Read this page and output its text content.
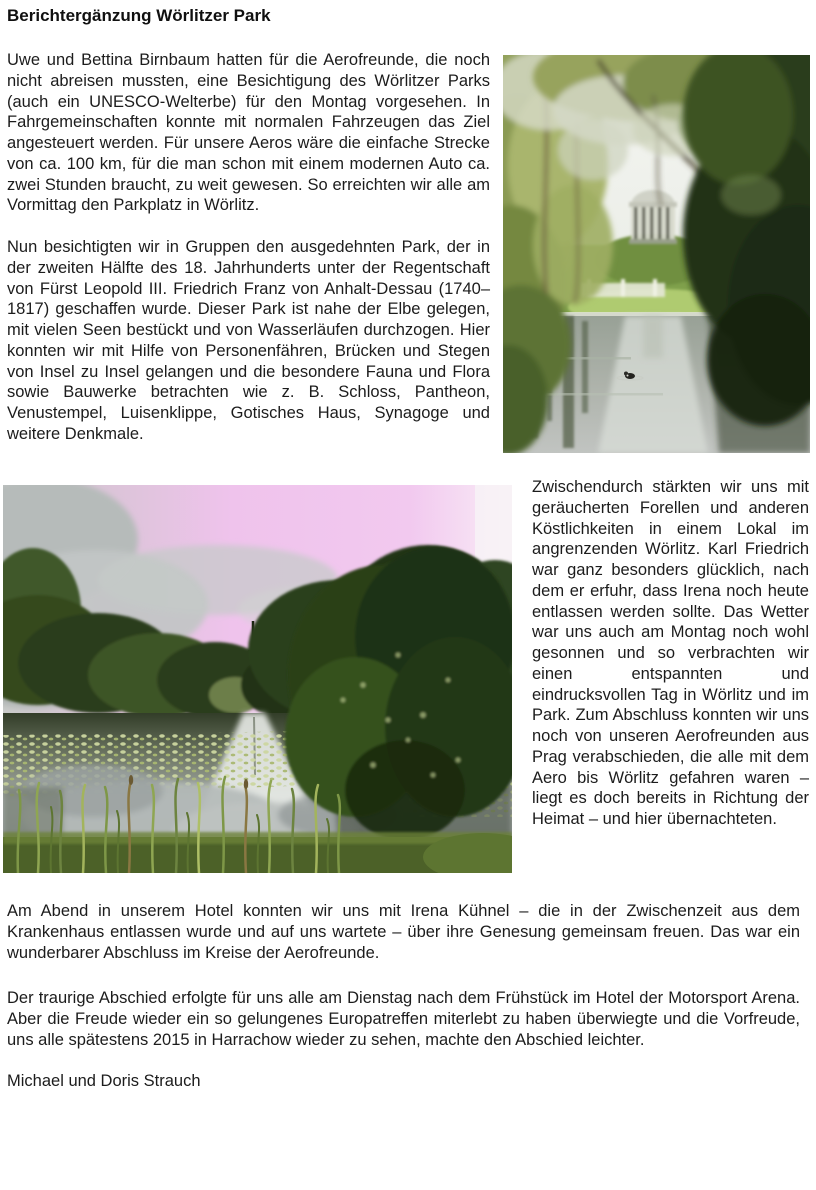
Berichtergänzung Wörlitzer Park

Uwe und Bettina Birnbaum hatten für die Aerofreunde, die noch nicht abreisen mussten, eine Besichtigung des Wörlitzer Parks (auch ein UNESCO-Welterbe) für den Montag vorgesehen. In Fahrgemeinschaften konnte mit normalen Fahrzeugen das Ziel angesteuert werden. Für unsere Aeros wäre die einfache Strecke von ca. 100 km, für die man schon mit einem modernen Auto ca. zwei Stunden braucht, zu weit gewesen. So erreichten wir alle am Vormittag den Parkplatz in Wörlitz.

Nun besichtigten wir in Gruppen den ausgedehnten Park, der in der zweiten Hälfte des 18. Jahrhunderts unter der Regentschaft von Fürst Leopold III. Friedrich Franz von Anhalt-Dessau (1740–1817) geschaffen wurde. Dieser Park ist nahe der Elbe gelegen, mit vielen Seen bestückt und von Wasserläufen durchzogen. Hier konnten wir mit Hilfe von Personenfähren, Brücken und Stegen von Insel zu Insel gelangen und die besondere Fauna und Flora sowie Bauwerke betrachten wie z. B. Schloss, Pantheon, Venustempel, Luisenklippe, Gotisches Haus, Synagoge und weitere Denkmale.

Zwischendurch stärkten wir uns mit geräucherten Forellen und anderen Köstlichkeiten in einem Lokal im angrenzenden Wörlitz. Karl Friedrich war ganz besonders glücklich, nach dem er erfuhr, dass Irena noch heute entlassen werden sollte. Das Wetter war uns auch am Montag noch wohl gesonnen und so verbrachten wir einen entspannten und eindrucksvollen Tag in Wörlitz und im Park. Zum Abschluss konnten wir uns noch von unseren Aerofreunden aus Prag verabschieden, die alle mit dem Aero bis Wörlitz gefahren waren – liegt es doch bereits in Richtung der Heimat – und hier übernachteten.

Am Abend in unserem Hotel konnten wir uns mit Irena Kühnel – die in der Zwischenzeit aus dem Krankenhaus entlassen wurde und auf uns wartete – über ihre Genesung gemeinsam freuen. Das war ein wunderbarer Abschluss im Kreise der Aerofreunde.

Der traurige Abschied erfolgte für uns alle am Dienstag nach dem Frühstück im Hotel der Motorsport Arena. Aber die Freude wieder ein so gelungenes Europatreffen miterlebt zu haben überwiegte und die Vorfreude, uns alle spätestens 2015 in Harrachow wieder zu sehen, machte den Abschied leichter.

Michael und Doris Strauch
